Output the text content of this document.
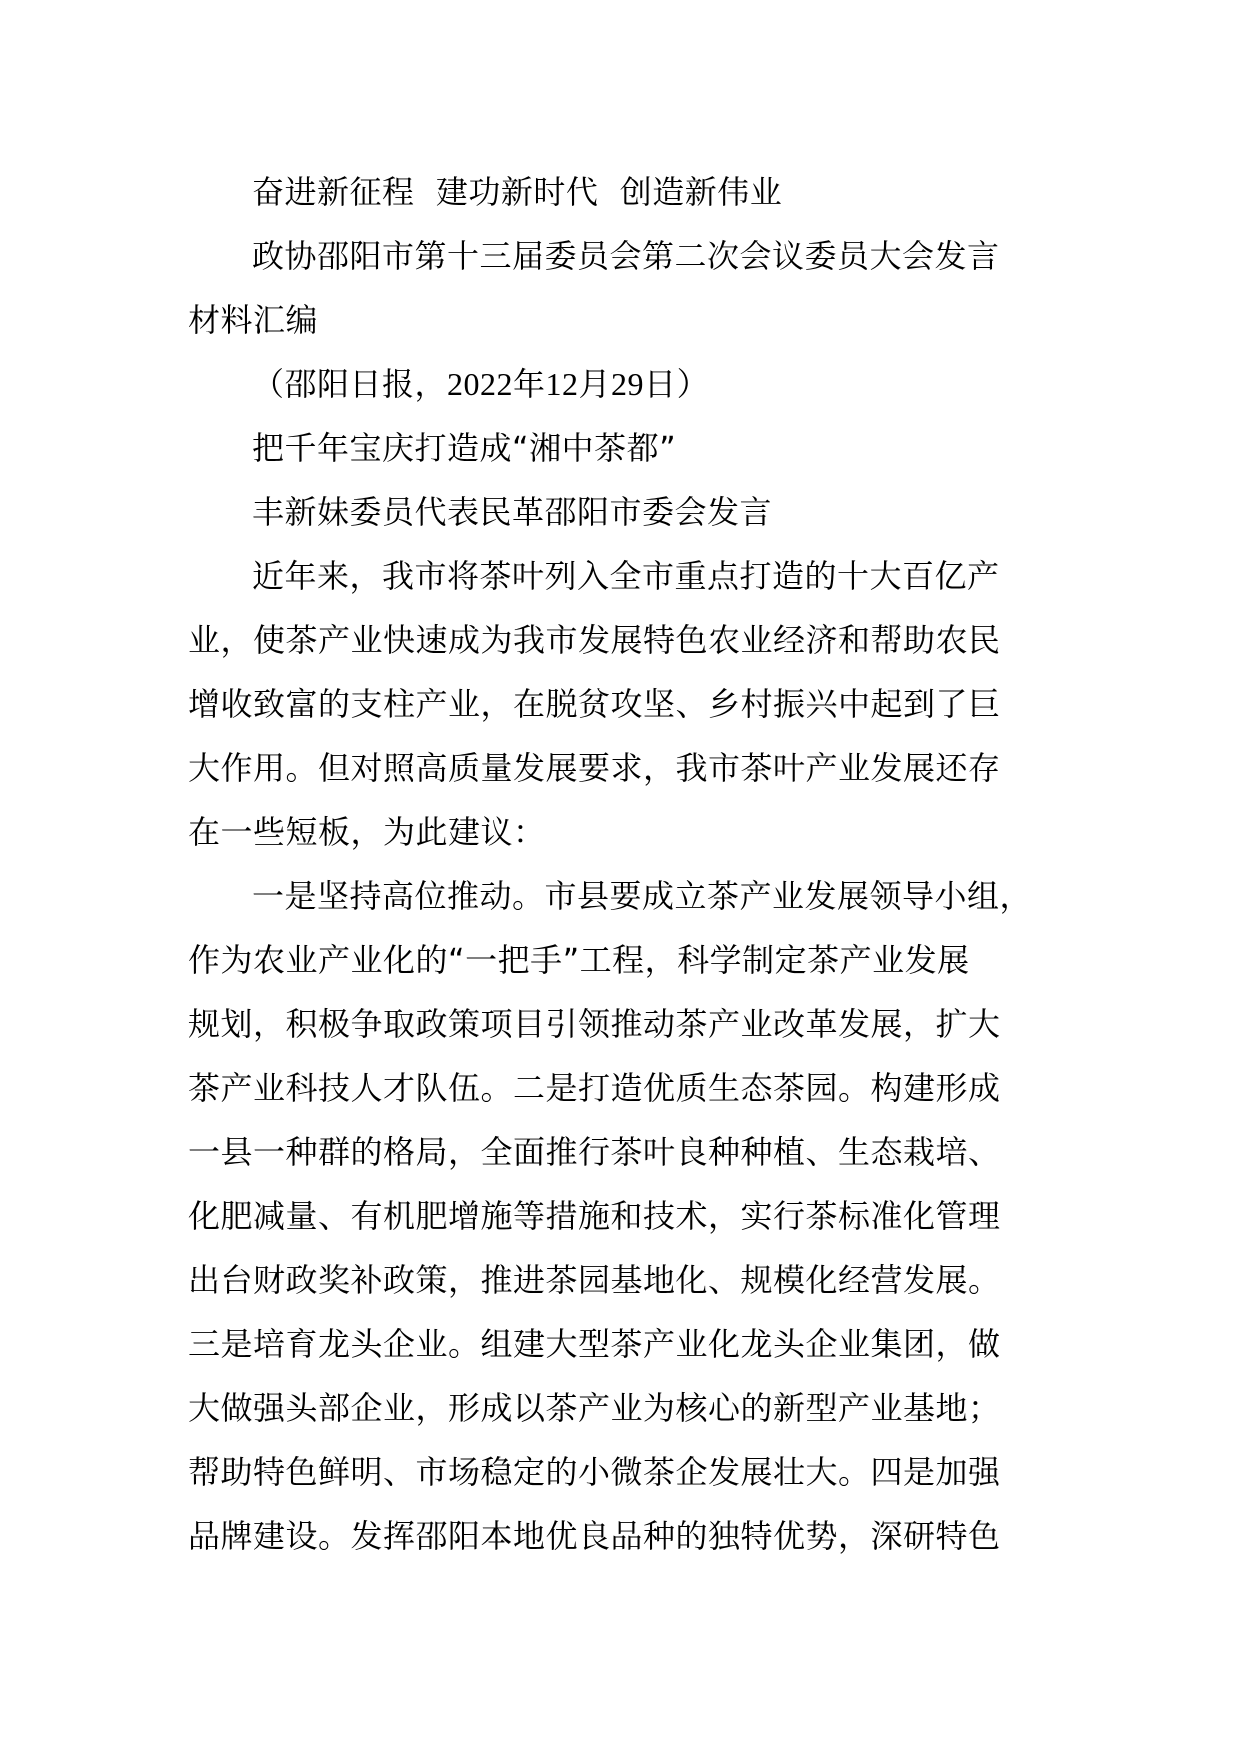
奋进新征程  建功新时代  创造新伟业
政协邵阳市第十三届委员会第二次会议委员大会发言
材料汇编
（邵阳日报，2022年12月29日）
把千年宝庆打造成“湘中茶都”
丰新妹委员代表民革邵阳市委会发言
近年来，我市将茶叶列入全市重点打造的十大百亿产
业，使茶产业快速成为我市发展特色农业经济和帮助农民
增收致富的支柱产业，在脱贫攻坚、乡村振兴中起到了巨
大作用。但对照高质量发展要求，我市茶叶产业发展还存
在一些短板，为此建议：
一是坚持高位推动。市县要成立茶产业发展领导小组，
作为农业产业化的“一把手”工程，科学制定茶产业发展
规划，积极争取政策项目引领推动茶产业改革发展，扩大
茶产业科技人才队伍。二是打造优质生态茶园。构建形成
一县一种群的格局，全面推行茶叶良种种植、生态栽培、
化肥减量、有机肥增施等措施和技术，实行茶标准化管理
出台财政奖补政策，推进茶园基地化、规模化经营发展。
三是培育龙头企业。组建大型茶产业化龙头企业集团，做
大做强头部企业，形成以茶产业为核心的新型产业基地；
帮助特色鲜明、市场稳定的小微茶企发展壮大。四是加强
品牌建设。发挥邵阳本地优良品种的独特优势，深研特色
